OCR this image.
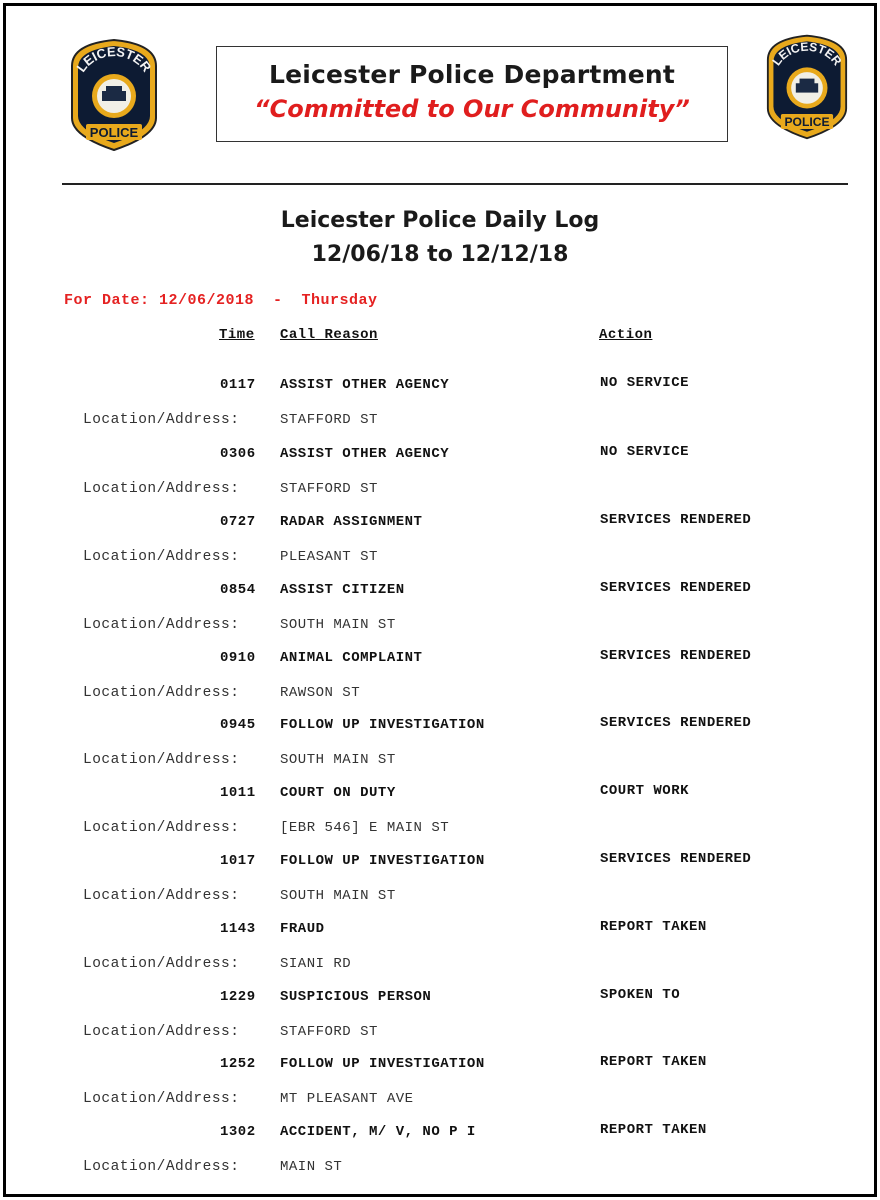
LEICESTER
POLICE
LEICESTER
POLICE
Leicester Police Department
“Committed to Our Community”
Leicester Police Daily Log
12/06/18 to 12/12/18
For Date: 12/06/2018  -  Thursday
Time Call Reason	Action
0117 ASSIST OTHER AGENCY	NO SERVICE
Location/Address:	STAFFORD ST
0306 ASSIST OTHER AGENCY	NO SERVICE
Location/Address:	STAFFORD ST
0727 RADAR ASSIGNMENT	SERVICES RENDERED
Location/Address:	PLEASANT ST
0854 ASSIST CITIZEN	SERVICES RENDERED
Location/Address:	SOUTH MAIN ST
0910 ANIMAL COMPLAINT	SERVICES RENDERED
Location/Address:	RAWSON ST
0945 FOLLOW UP INVESTIGATION	SERVICES RENDERED
Location/Address:	SOUTH MAIN ST
1011 COURT ON DUTY	COURT WORK
Location/Address:	[EBR 546] E MAIN ST
1017 FOLLOW UP INVESTIGATION	SERVICES RENDERED
Location/Address:	SOUTH MAIN ST
1143 FRAUD	REPORT TAKEN
Location/Address:	SIANI RD
1229 SUSPICIOUS PERSON	SPOKEN TO
Location/Address:	STAFFORD ST
1252 FOLLOW UP INVESTIGATION	REPORT TAKEN
Location/Address:	MT PLEASANT AVE
1302 ACCIDENT, M/ V, NO P I	REPORT TAKEN
Location/Address:	MAIN ST
